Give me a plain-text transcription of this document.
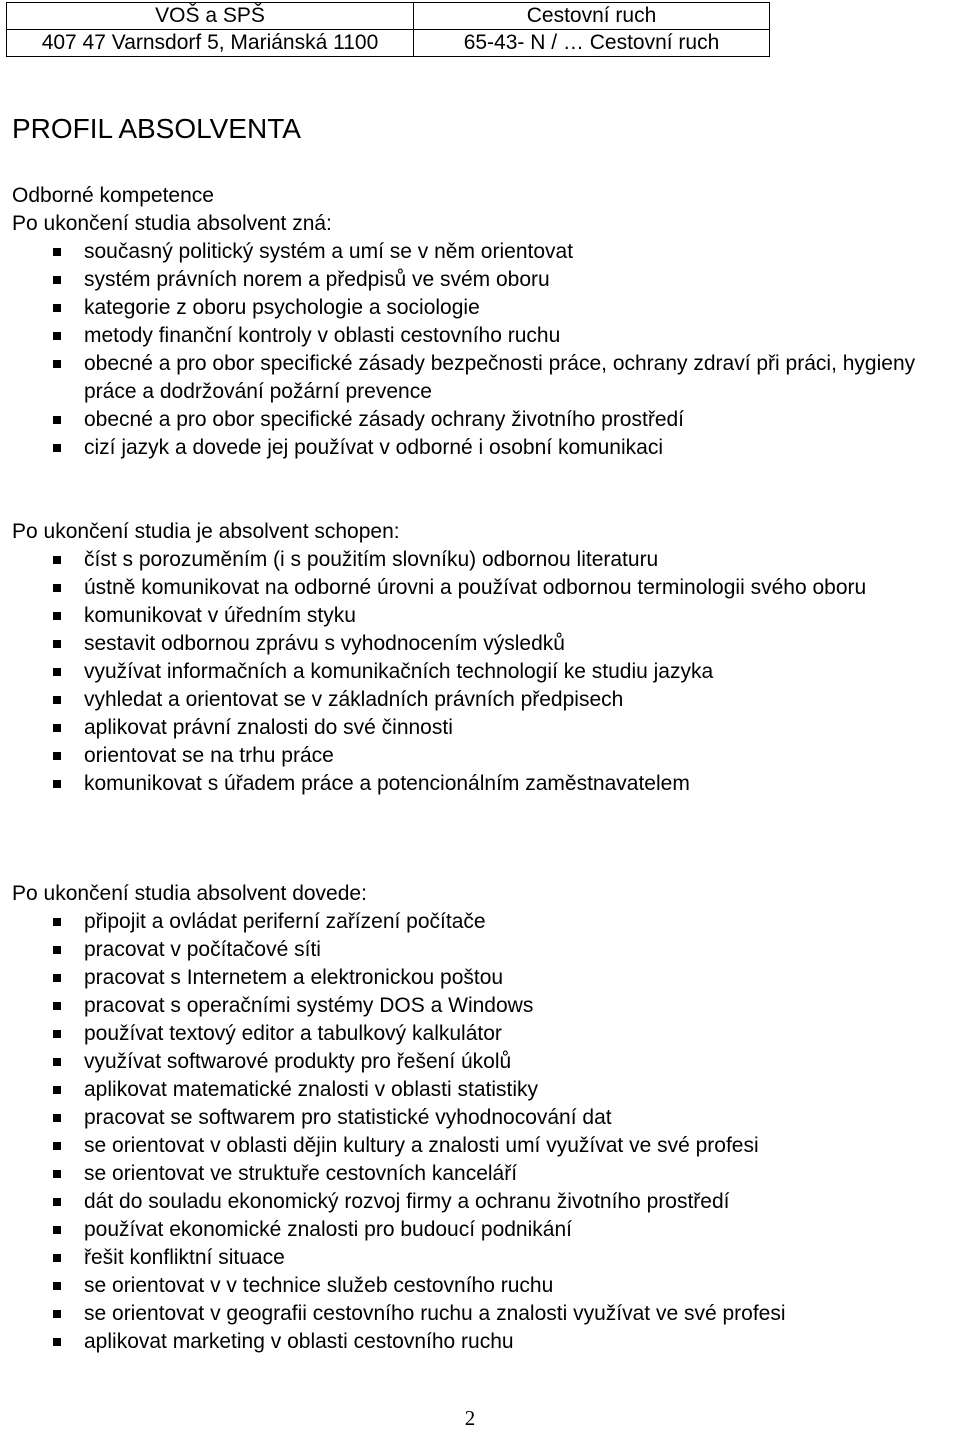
VOŠ a SPŠ	Cestovní ruch
407 47 Varnsdorf 5, Mariánská 1100	65-43- N / … Cestovní ruch
PROFIL ABSOLVENTA
Odborné kompetence

Po ukončení studia absolvent zná:

současný politický systém a umí se v něm orientovat
systém právních norem a předpisů ve svém oboru
kategorie z oboru psychologie a sociologie
metody finanční kontroly v oblasti cestovního ruchu
obecné a pro obor specifické zásady bezpečnosti práce, ochrany zdraví při práci, hygieny práce a dodržování požární prevence
obecné a pro obor specifické zásady ochrany životního prostředí
cizí jazyk a dovede jej používat v odborné i osobní komunikaci

Po ukončení studia je absolvent schopen:

číst s porozuměním (i s použitím slovníku) odbornou literaturu
ústně komunikovat na odborné úrovni a používat odbornou terminologii svého oboru
komunikovat v úředním styku
sestavit odbornou zprávu s vyhodnocením výsledků
využívat informačních a komunikačních technologií ke studiu jazyka
vyhledat a orientovat se v základních právních předpisech
aplikovat právní znalosti do své činnosti
orientovat se na trhu práce
komunikovat s úřadem práce a potencionálním zaměstnavatelem

Po ukončení studia absolvent dovede:

připojit a ovládat periferní zařízení počítače
pracovat v počítačové síti
pracovat s Internetem a elektronickou poštou
pracovat s operačními systémy DOS a Windows
používat textový editor a tabulkový kalkulátor
využívat softwarové produkty pro řešení úkolů
aplikovat matematické znalosti v oblasti statistiky
pracovat se softwarem pro statistické vyhodnocování dat
se orientovat v oblasti dějin kultury a znalosti umí využívat ve své profesi
se orientovat ve struktuře cestovních kanceláří
dát do souladu ekonomický rozvoj firmy a ochranu životního prostředí
používat ekonomické znalosti pro budoucí podnikání
řešit konfliktní situace
se orientovat v v technice služeb cestovního ruchu
se orientovat v geografii cestovního ruchu a znalosti využívat ve své profesi
aplikovat marketing v oblasti cestovního ruchu
2
